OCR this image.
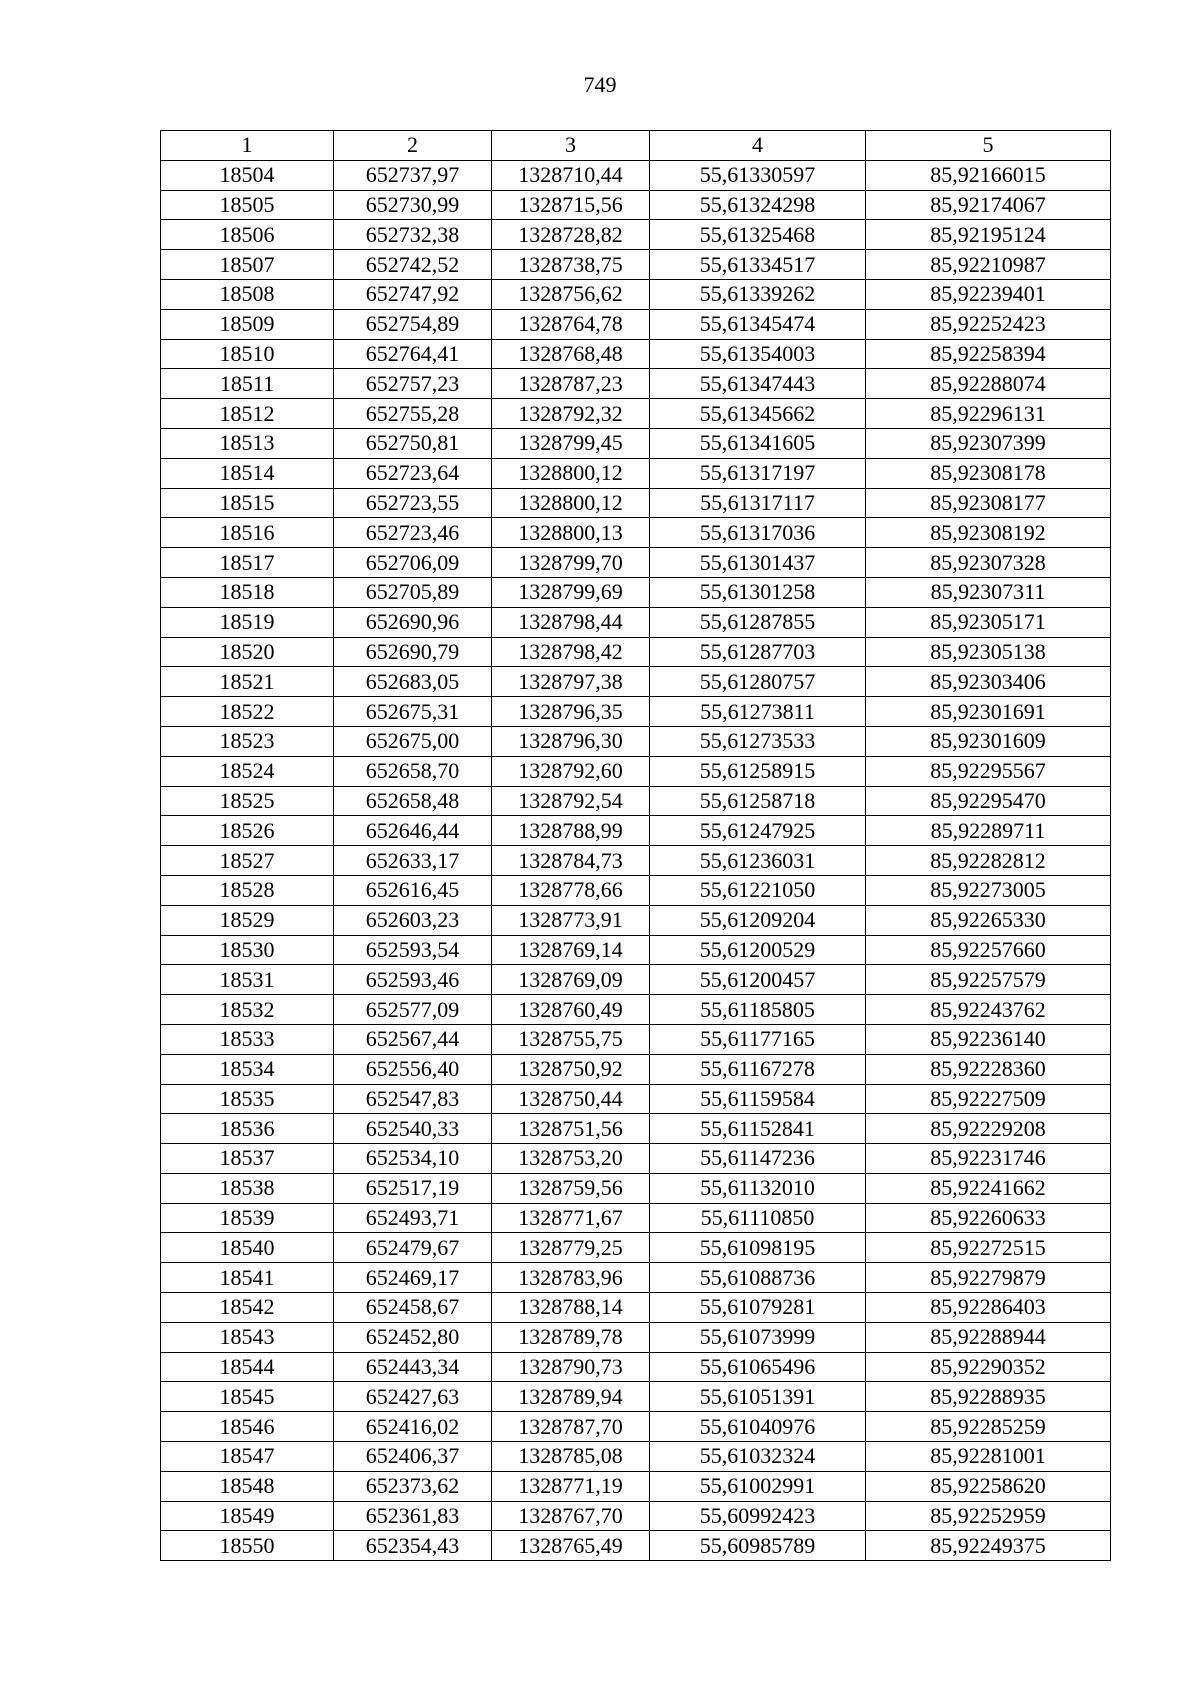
749
1	2	3	4	5
18504	652737,97	1328710,44	55,61330597	85,92166015
18505	652730,99	1328715,56	55,61324298	85,92174067
18506	652732,38	1328728,82	55,61325468	85,92195124
18507	652742,52	1328738,75	55,61334517	85,92210987
18508	652747,92	1328756,62	55,61339262	85,92239401
18509	652754,89	1328764,78	55,61345474	85,92252423
18510	652764,41	1328768,48	55,61354003	85,92258394
18511	652757,23	1328787,23	55,61347443	85,92288074
18512	652755,28	1328792,32	55,61345662	85,92296131
18513	652750,81	1328799,45	55,61341605	85,92307399
18514	652723,64	1328800,12	55,61317197	85,92308178
18515	652723,55	1328800,12	55,61317117	85,92308177
18516	652723,46	1328800,13	55,61317036	85,92308192
18517	652706,09	1328799,70	55,61301437	85,92307328
18518	652705,89	1328799,69	55,61301258	85,92307311
18519	652690,96	1328798,44	55,61287855	85,92305171
18520	652690,79	1328798,42	55,61287703	85,92305138
18521	652683,05	1328797,38	55,61280757	85,92303406
18522	652675,31	1328796,35	55,61273811	85,92301691
18523	652675,00	1328796,30	55,61273533	85,92301609
18524	652658,70	1328792,60	55,61258915	85,92295567
18525	652658,48	1328792,54	55,61258718	85,92295470
18526	652646,44	1328788,99	55,61247925	85,92289711
18527	652633,17	1328784,73	55,61236031	85,92282812
18528	652616,45	1328778,66	55,61221050	85,92273005
18529	652603,23	1328773,91	55,61209204	85,92265330
18530	652593,54	1328769,14	55,61200529	85,92257660
18531	652593,46	1328769,09	55,61200457	85,92257579
18532	652577,09	1328760,49	55,61185805	85,92243762
18533	652567,44	1328755,75	55,61177165	85,92236140
18534	652556,40	1328750,92	55,61167278	85,92228360
18535	652547,83	1328750,44	55,61159584	85,92227509
18536	652540,33	1328751,56	55,61152841	85,92229208
18537	652534,10	1328753,20	55,61147236	85,92231746
18538	652517,19	1328759,56	55,61132010	85,92241662
18539	652493,71	1328771,67	55,61110850	85,92260633
18540	652479,67	1328779,25	55,61098195	85,92272515
18541	652469,17	1328783,96	55,61088736	85,92279879
18542	652458,67	1328788,14	55,61079281	85,92286403
18543	652452,80	1328789,78	55,61073999	85,92288944
18544	652443,34	1328790,73	55,61065496	85,92290352
18545	652427,63	1328789,94	55,61051391	85,92288935
18546	652416,02	1328787,70	55,61040976	85,92285259
18547	652406,37	1328785,08	55,61032324	85,92281001
18548	652373,62	1328771,19	55,61002991	85,92258620
18549	652361,83	1328767,70	55,60992423	85,92252959
18550	652354,43	1328765,49	55,60985789	85,92249375
